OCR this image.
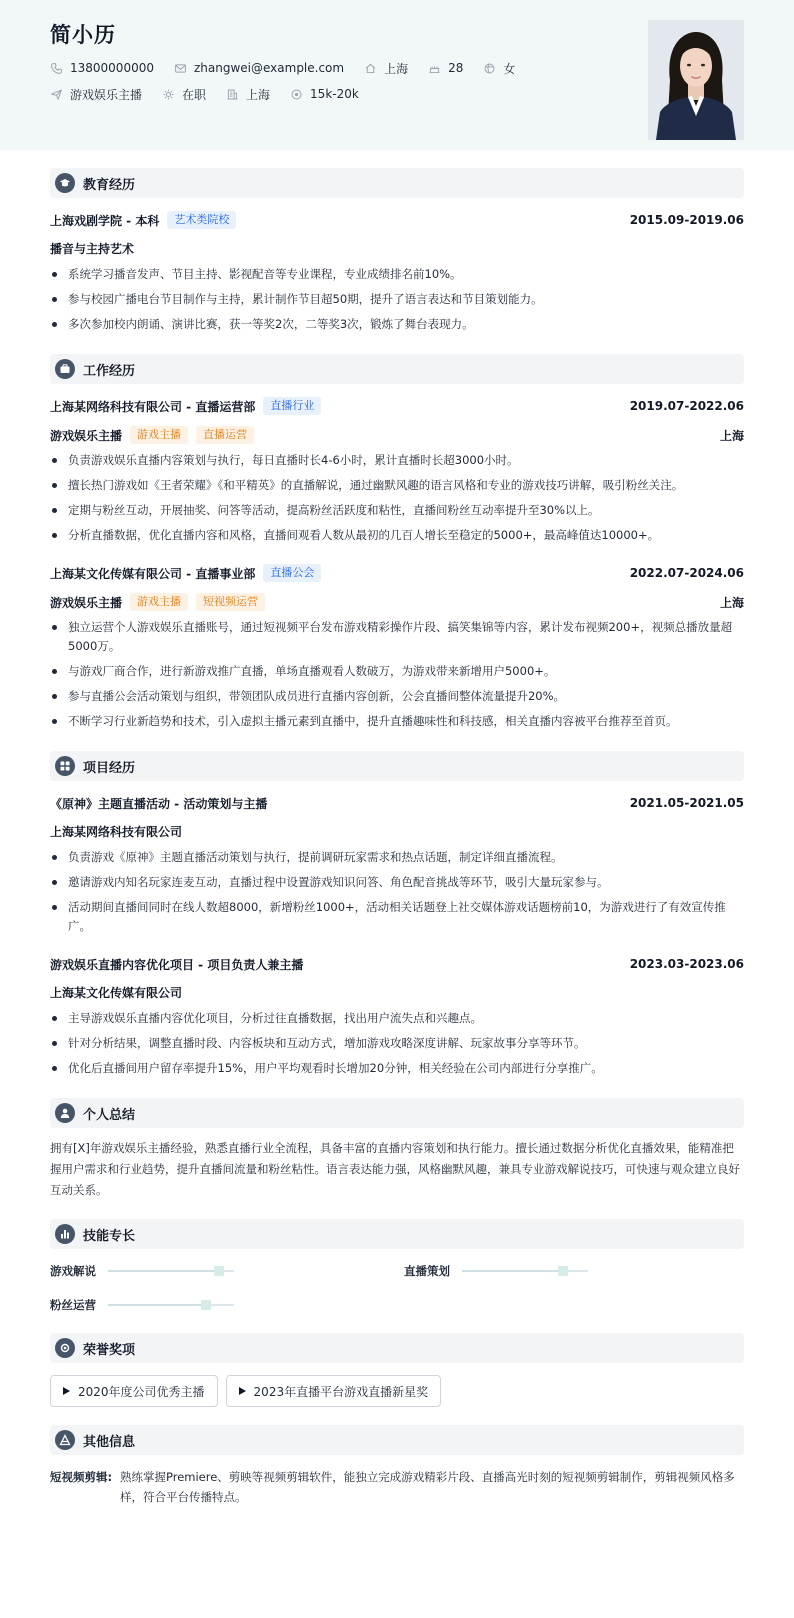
简小历
13800000000	zhangwei@example.com	上海	28	女
游戏娱乐主播	在职	上海	15k-20k
教育经历
上海戏剧学院 - 本科	艺术类院校	2015.09-2019.06
播音与主持艺术
系统学习播音发声、节目主持、影视配音等专业课程，专业成绩排名前10%。
参与校园广播电台节目制作与主持，累计制作节目超50期，提升了语言表达和节目策划能力。
多次参加校内朗诵、演讲比赛，获一等奖2次，二等奖3次，锻炼了舞台表现力。
工作经历
上海某网络科技有限公司 - 直播运营部	直播行业	2019.07-2022.06
游戏娱乐主播	游戏主播	直播运营	上海
负责游戏娱乐直播内容策划与执行，每日直播时长4-6小时，累计直播时长超3000小时。
擅长热门游戏如《王者荣耀》《和平精英》的直播解说，通过幽默风趣的语言风格和专业的游戏技巧讲解，吸引粉丝关注。
定期与粉丝互动，开展抽奖、问答等活动，提高粉丝活跃度和粘性，直播间粉丝互动率提升至30%以上。
分析直播数据，优化直播内容和风格，直播间观看人数从最初的几百人增长至稳定的5000+，最高峰值达10000+。
上海某文化传媒有限公司 - 直播事业部	直播公会	2022.07-2024.06
游戏娱乐主播	游戏主播	短视频运营	上海
独立运营个人游戏娱乐直播账号，通过短视频平台发布游戏精彩操作片段、搞笑集锦等内容，累计发布视频200+，视频总播放量超5000万。
与游戏厂商合作，进行新游戏推广直播，单场直播观看人数破万，为游戏带来新增用户5000+。
参与直播公会活动策划与组织，带领团队成员进行直播内容创新，公会直播间整体流量提升20%。
不断学习行业新趋势和技术，引入虚拟主播元素到直播中，提升直播趣味性和科技感，相关直播内容被平台推荐至首页。
项目经历
《原神》主题直播活动 - 活动策划与主播	2021.05-2021.05
上海某网络科技有限公司
负责游戏《原神》主题直播活动策划与执行，提前调研玩家需求和热点话题，制定详细直播流程。
邀请游戏内知名玩家连麦互动，直播过程中设置游戏知识问答、角色配音挑战等环节，吸引大量玩家参与。
活动期间直播间同时在线人数超8000，新增粉丝1000+，活动相关话题登上社交媒体游戏话题榜前10，为游戏进行了有效宣传推广。
游戏娱乐直播内容优化项目 - 项目负责人兼主播	2023.03-2023.06
上海某文化传媒有限公司
主导游戏娱乐直播内容优化项目，分析过往直播数据，找出用户流失点和兴趣点。
针对分析结果，调整直播时段、内容板块和互动方式，增加游戏攻略深度讲解、玩家故事分享等环节。
优化后直播间用户留存率提升15%，用户平均观看时长增加20分钟，相关经验在公司内部进行分享推广。
个人总结
拥有[X]年游戏娱乐主播经验，熟悉直播行业全流程，具备丰富的直播内容策划和执行能力。擅长通过数据分析优化直播效果，能精准把握用户需求和行业趋势，提升直播间流量和粉丝粘性。语言表达能力强，风格幽默风趣，兼具专业游戏解说技巧，可快速与观众建立良好互动关系。
技能专长
游戏解说	直播策划
粉丝运营
荣誉奖项
2020年度公司优秀主播	2023年直播平台游戏直播新星奖
其他信息
短视频剪辑: 熟练掌握Premiere、剪映等视频剪辑软件，能独立完成游戏精彩片段、直播高光时刻的短视频剪辑制作，剪辑视频风格多样，符合平台传播特点。
